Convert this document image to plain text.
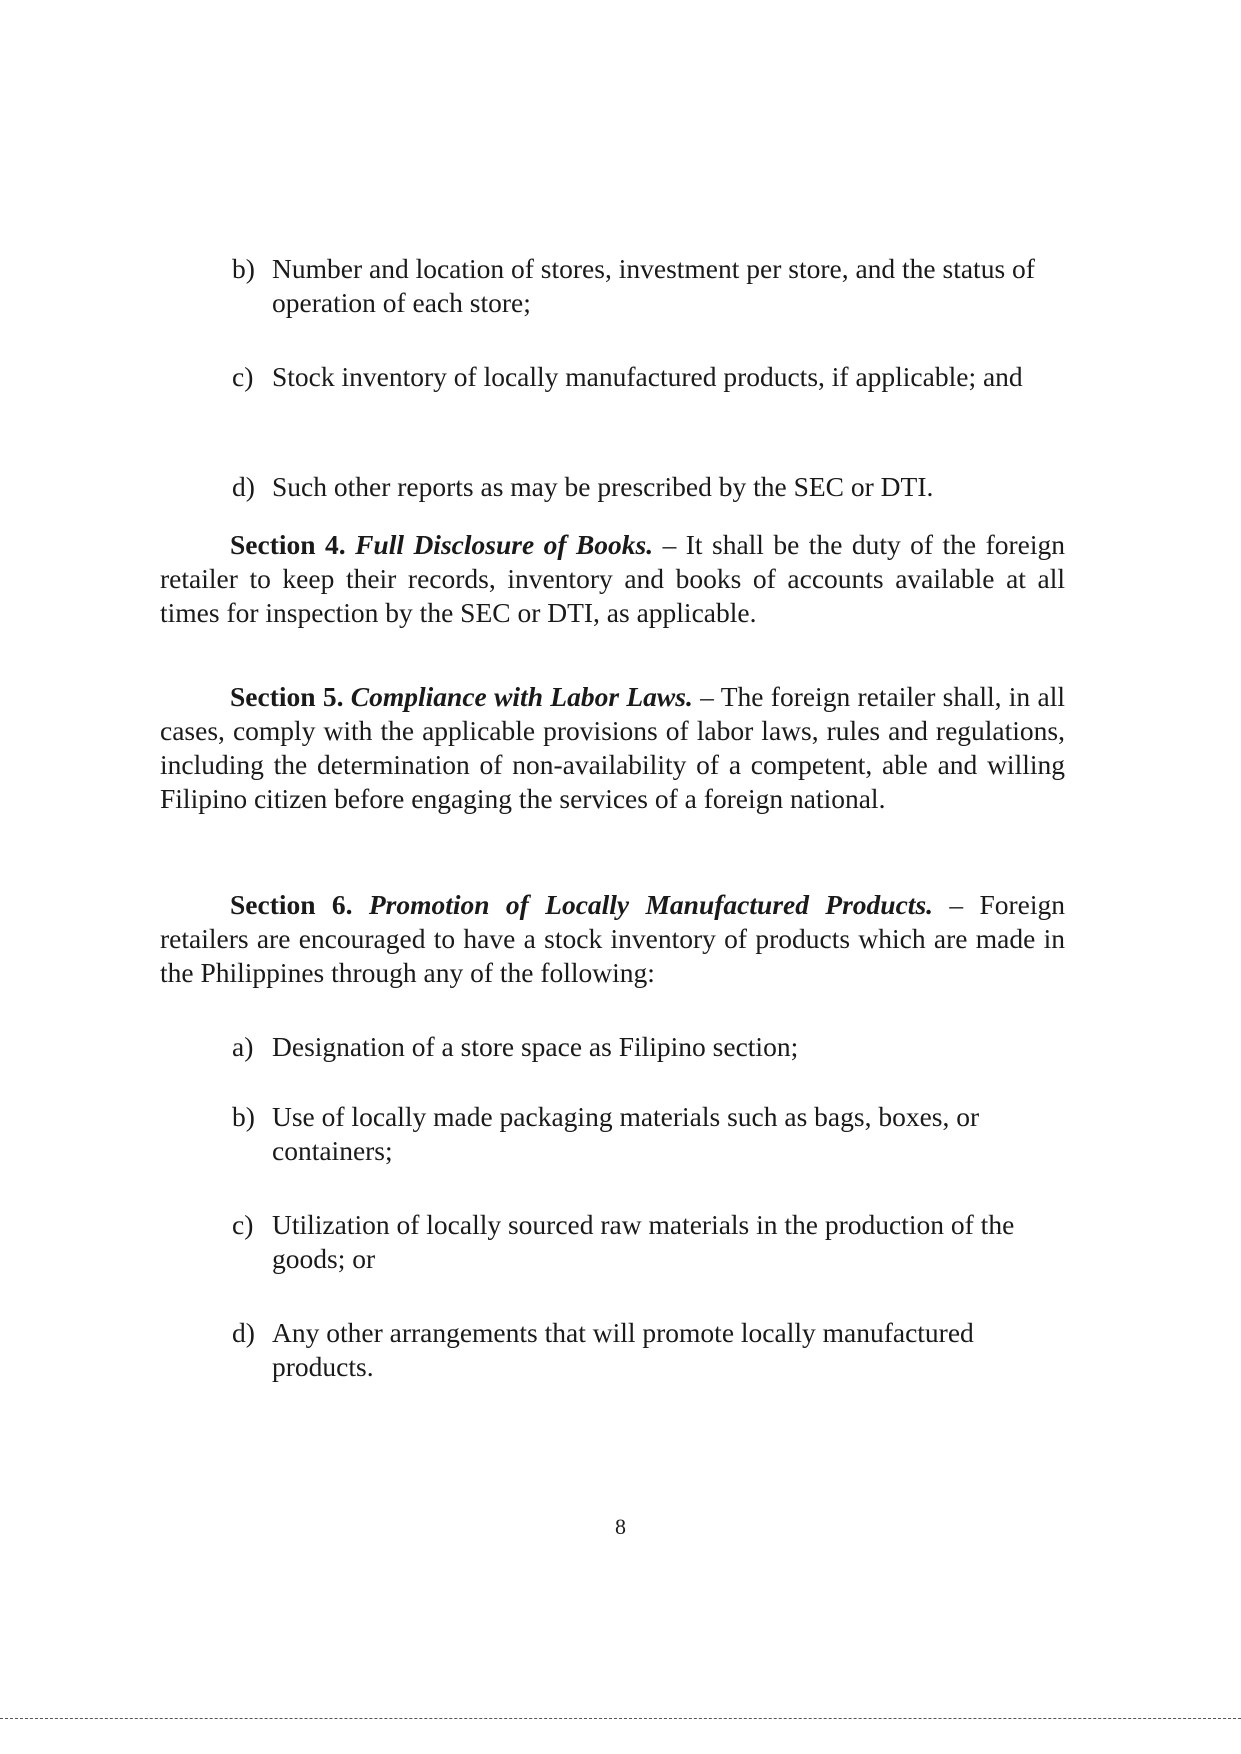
b) Number and location of stores, investment per store, and the status of operation of each store;
c) Stock inventory of locally manufactured products, if applicable; and
d) Such other reports as may be prescribed by the SEC or DTI.

Section 4. Full Disclosure of Books. – It shall be the duty of the foreign retailer to keep their records, inventory and books of accounts available at all times for inspection by the SEC or DTI, as applicable.

Section 5. Compliance with Labor Laws. – The foreign retailer shall, in all cases, comply with the applicable provisions of labor laws, rules and regulations, including the determination of non-availability of a competent, able and willing Filipino citizen before engaging the services of a foreign national.

Section 6. Promotion of Locally Manufactured Products. – Foreign retailers are encouraged to have a stock inventory of products which are made in the Philippines through any of the following:

a) Designation of a store space as Filipino section;
b) Use of locally made packaging materials such as bags, boxes, or containers;
c) Utilization of locally sourced raw materials in the production of the goods; or
d) Any other arrangements that will promote locally manufactured products.
8
